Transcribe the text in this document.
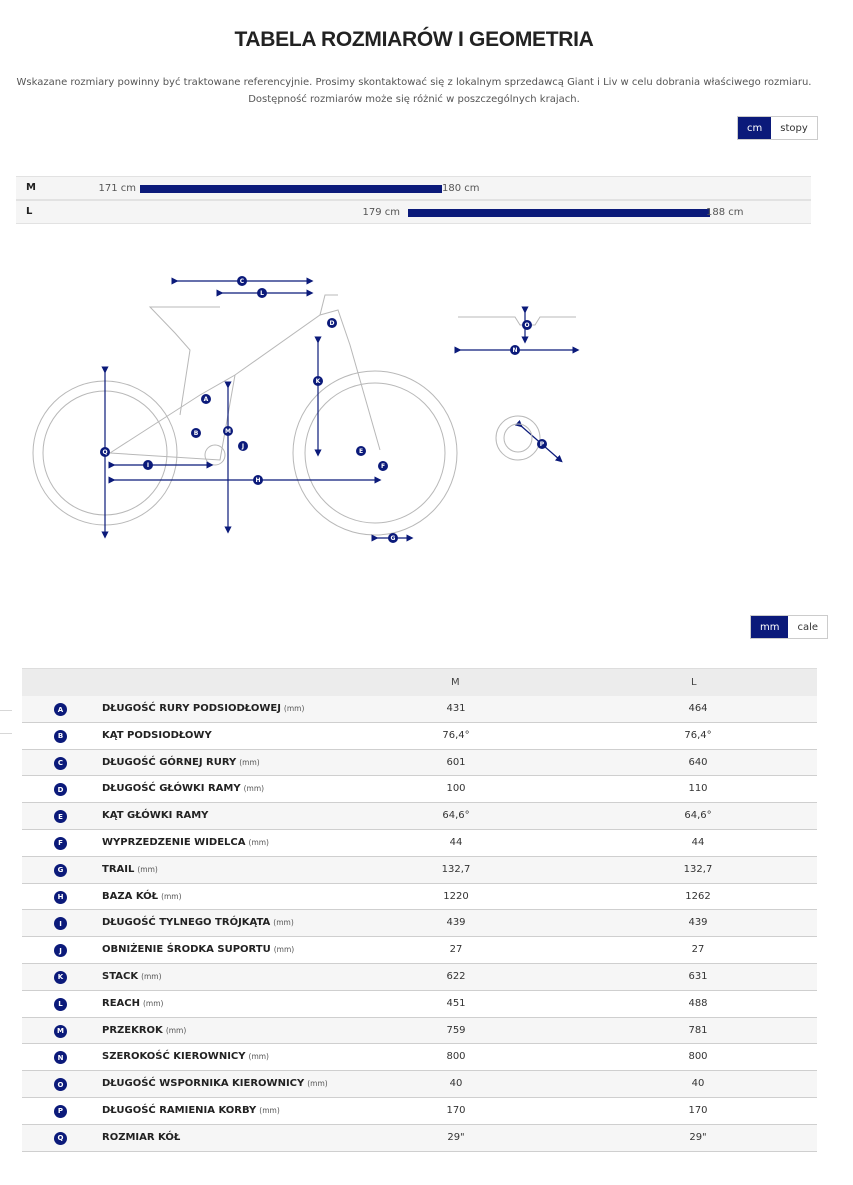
TABELA ROZMIARÓW I GEOMETRIA
Wskazane rozmiary powinny być traktowane referencyjnie. Prosimy skontaktować się z lokalnym sprzedawcą Giant i Liv w celu dobrania właściwego rozmiaru.
Dostępność rozmiarów może się różnić w poszczególnych krajach.
cm	stopy
M	171 cm	180 cm
L	179 cm	188 cm
C
L
D
K
A
B	M
J
Q
I
H
E
F
G
N
O
P
mm	cale
M	L
A	DŁUGOŚĆ RURY PODSIODŁOWEJ (mm)	431	464
B	KĄT PODSIODŁOWY	76,4°	76,4°
C	DŁUGOŚĆ GÓRNEJ RURY (mm)	601	640
D	DŁUGOŚĆ GŁÓWKI RAMY (mm)	100	110
E	KĄT GŁÓWKI RAMY	64,6°	64,6°
F	WYPRZEDZENIE WIDELCA (mm)	44	44
G	TRAIL (mm)	132,7	132,7
H	BAZA KÓŁ (mm)	1220	1262
I	DŁUGOŚĆ TYLNEGO TRÓJKĄTA (mm)	439	439
J	OBNIŻENIE ŚRODKA SUPORTU (mm)	27	27
K	STACK (mm)	622	631
L	REACH (mm)	451	488
M	PRZEKROK (mm)	759	781
N	SZEROKOŚĆ KIEROWNICY (mm)	800	800
O	DŁUGOŚĆ WSPORNIKA KIEROWNICY (mm)	40	40
P	DŁUGOŚĆ RAMIENIA KORBY (mm)	170	170
Q	ROZMIAR KÓŁ	29"	29"
